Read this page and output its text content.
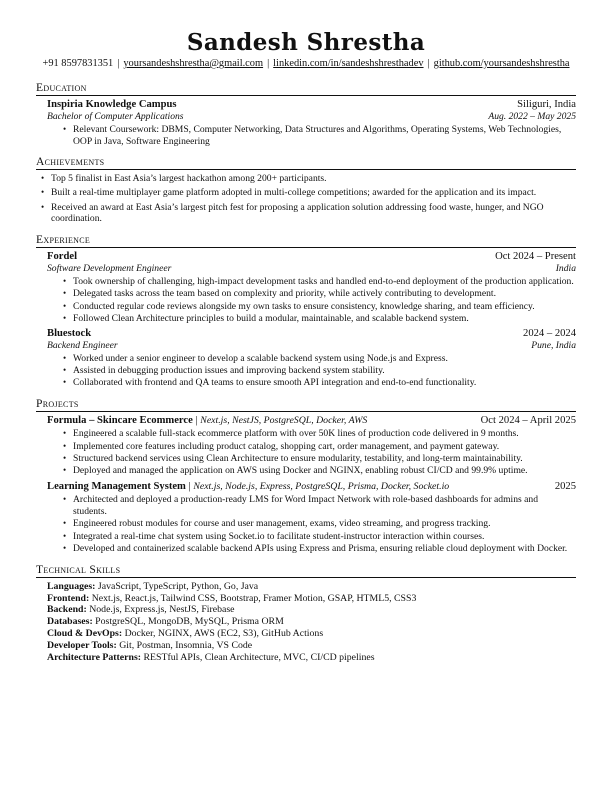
Sandesh Shrestha
+91 8597831351 | yoursandeshshrestha@gmail.com | linkedin.com/in/sandeshshresthadev | github.com/yoursandeshshrestha
Education
Inspiria Knowledge Campus	Siliguri, India
Bachelor of Computer Applications	Aug. 2022 – May 2025
• Relevant Coursework: DBMS, Computer Networking, Data Structures and Algorithms, Operating Systems, Web Technologies, OOP in Java, Software Engineering
Achievements
• Top 5 finalist in East Asia’s largest hackathon among 200+ participants.
• Built a real-time multiplayer game platform adopted in multi-college competitions; awarded for the application and its impact.
• Received an award at East Asia’s largest pitch fest for proposing a application solution addressing food waste, hunger, and NGO coordination.
Experience
Fordel	Oct 2024 – Present
Software Development Engineer	India
• Took ownership of challenging, high-impact development tasks and handled end-to-end deployment of the production application.
• Delegated tasks across the team based on complexity and priority, while actively contributing to development.
• Conducted regular code reviews alongside my own tasks to ensure consistency, knowledge sharing, and team efficiency.
• Followed Clean Architecture principles to build a modular, maintainable, and scalable backend system.
Bluestock	2024 – 2024
Backend Engineer	Pune, India
• Worked under a senior engineer to develop a scalable backend system using Node.js and Express.
• Assisted in debugging production issues and improving backend system stability.
• Collaborated with frontend and QA teams to ensure smooth API integration and end-to-end functionality.
Projects
Formula – Skincare Ecommerce | Next.js, NestJS, PostgreSQL, Docker, AWS	Oct 2024 – April 2025
• Engineered a scalable full-stack ecommerce platform with over 50K lines of production code delivered in 9 months.
• Implemented core features including product catalog, shopping cart, order management, and payment gateway.
• Structured backend services using Clean Architecture to ensure modularity, testability, and long-term maintainability.
• Deployed and managed the application on AWS using Docker and NGINX, enabling robust CI/CD and 99.9% uptime.
Learning Management System | Next.js, Node.js, Express, PostgreSQL, Prisma, Docker, Socket.io	2025
• Architected and deployed a production-ready LMS for Word Impact Network with role-based dashboards for admins and students.
• Engineered robust modules for course and user management, exams, video streaming, and progress tracking.
• Integrated a real-time chat system using Socket.io to facilitate student-instructor interaction within courses.
• Developed and containerized scalable backend APIs using Express and Prisma, ensuring reliable cloud deployment with Docker.
Technical Skills
Languages: JavaScript, TypeScript, Python, Go, Java
Frontend: Next.js, React.js, Tailwind CSS, Bootstrap, Framer Motion, GSAP, HTML5, CSS3
Backend: Node.js, Express.js, NestJS, Firebase
Databases: PostgreSQL, MongoDB, MySQL, Prisma ORM
Cloud & DevOps: Docker, NGINX, AWS (EC2, S3), GitHub Actions
Developer Tools: Git, Postman, Insomnia, VS Code
Architecture Patterns: RESTful APIs, Clean Architecture, MVC, CI/CD pipelines
